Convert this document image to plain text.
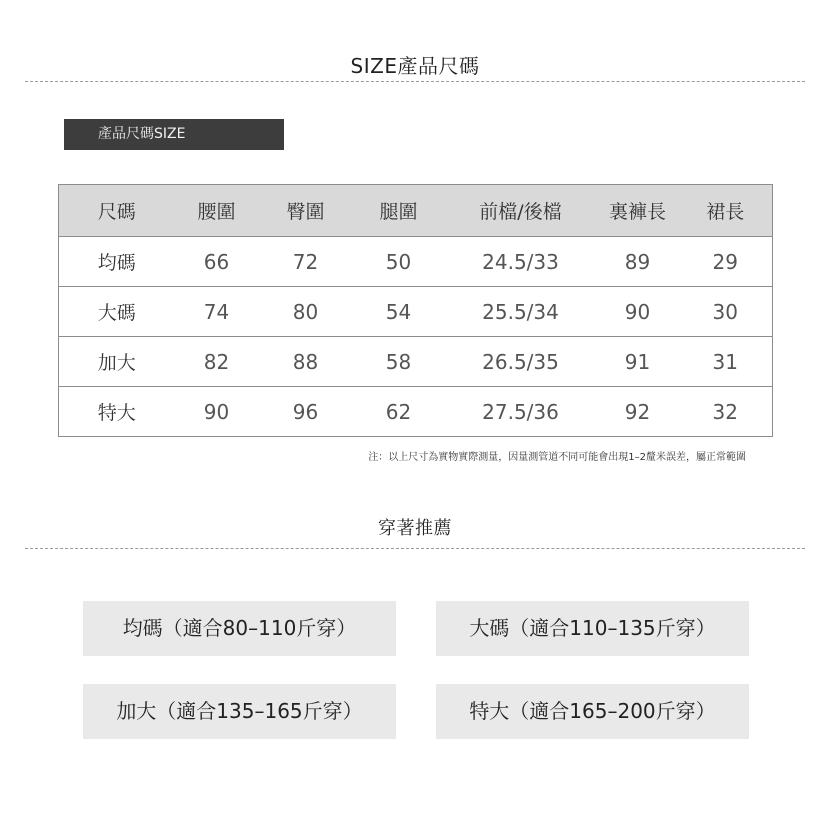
SIZE產品尺碼
產品尺碼SIZE
尺碼	腰圍	臀圍	腿圍	前檔/後檔	裏褲長	裙長
均碼	66	72	50	24.5/33	89	29
大碼	74	80	54	25.5/34	90	30
加大	82	88	58	26.5/35	91	31
特大	90	96	62	27.5/36	92	32
注：以上尺寸為實物實際測量，因量測管道不同可能會出現1–2釐米誤差，屬正常範圍
穿著推薦
均碼（適合80–110斤穿）	大碼（適合110–135斤穿）
加大（適合135–165斤穿）	特大（適合165–200斤穿）
